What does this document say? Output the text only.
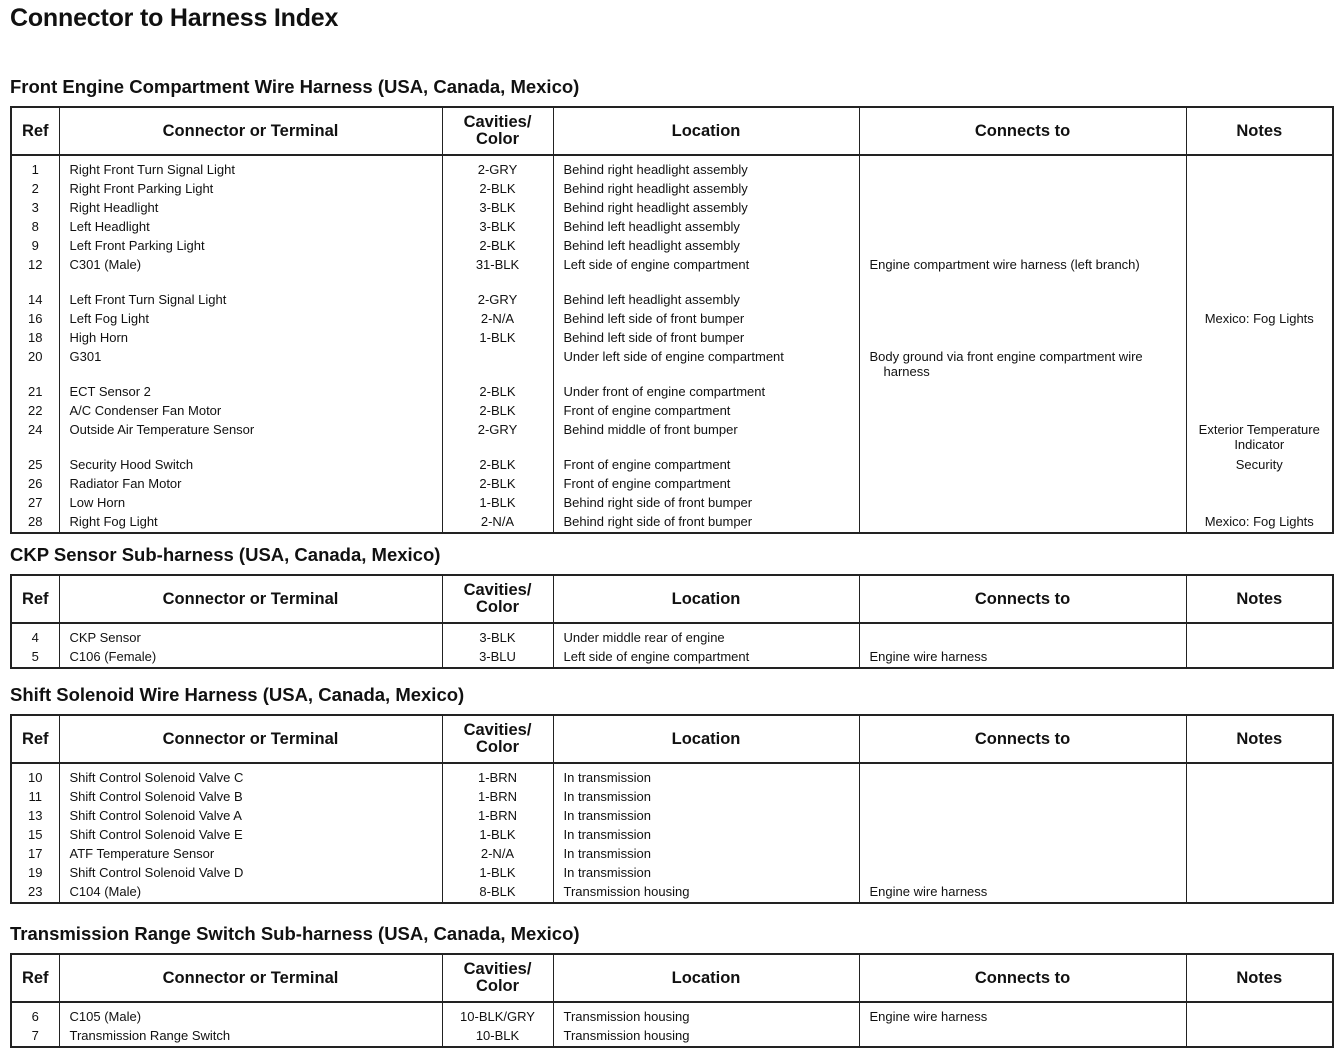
Connector to Harness Index
Front Engine Compartment Wire Harness (USA, Canada, Mexico)
Ref	Connector or Terminal	Cavities/
Color	Location	Connects to	Notes
1	Right Front Turn Signal Light	2-GRY	Behind right headlight assembly	

2	Right Front Parking Light	2-BLK	Behind right headlight assembly	

3	Right Headlight	3-BLK	Behind right headlight assembly	

8	Left Headlight	3-BLK	Behind left headlight assembly	

9	Left Front Parking Light	2-BLK	Behind left headlight assembly	

12	C301 (Male)	31-BLK	Left side of engine compartment	Engine compartment wire harness (left branch)	

14	Left Front Turn Signal Light	2-GRY	Behind left headlight assembly	

16	Left Fog Light	2-N/A	Behind left side of front bumper		Mexico: Fog Lights
18	High Horn	1-BLK	Behind left side of front bumper	

20	G301		Under left side of engine compartment	Body ground via front engine compartment wire harness	

21	ECT Sensor 2	2-BLK	Under front of engine compartment	

22	A/C Condenser Fan Motor	2-BLK	Front of engine compartment	

24	Outside Air Temperature Sensor	2-GRY	Behind middle of front bumper		Exterior Temperature Indicator
25	Security Hood Switch	2-BLK	Front of engine compartment		Security
26	Radiator Fan Motor	2-BLK	Front of engine compartment	

27	Low Horn	1-BLK	Behind right side of front bumper	

28	Right Fog Light	2-N/A	Behind right side of front bumper		Mexico: Fog Lights
CKP Sensor Sub-harness (USA, Canada, Mexico)
Ref	Connector or Terminal	Cavities/
Color	Location	Connects to	Notes
4	CKP Sensor	3-BLK	Under middle rear of engine	

5	C106 (Female)	3-BLU	Left side of engine compartment	Engine wire harness	

Shift Solenoid Wire Harness (USA, Canada, Mexico)
Ref	Connector or Terminal	Cavities/
Color	Location	Connects to	Notes
10	Shift Control Solenoid Valve C	1-BRN	In transmission	

11	Shift Control Solenoid Valve B	1-BRN	In transmission	

13	Shift Control Solenoid Valve A	1-BRN	In transmission	

15	Shift Control Solenoid Valve E	1-BLK	In transmission	

17	ATF Temperature Sensor	2-N/A	In transmission	

19	Shift Control Solenoid Valve D	1-BLK	In transmission	

23	C104 (Male)	8-BLK	Transmission housing	Engine wire harness	

Transmission Range Switch Sub-harness (USA, Canada, Mexico)
Ref	Connector or Terminal	Cavities/
Color	Location	Connects to	Notes
6	C105 (Male)	10-BLK/GRY	Transmission housing	Engine wire harness	

7	Transmission Range Switch	10-BLK	Transmission housing	
